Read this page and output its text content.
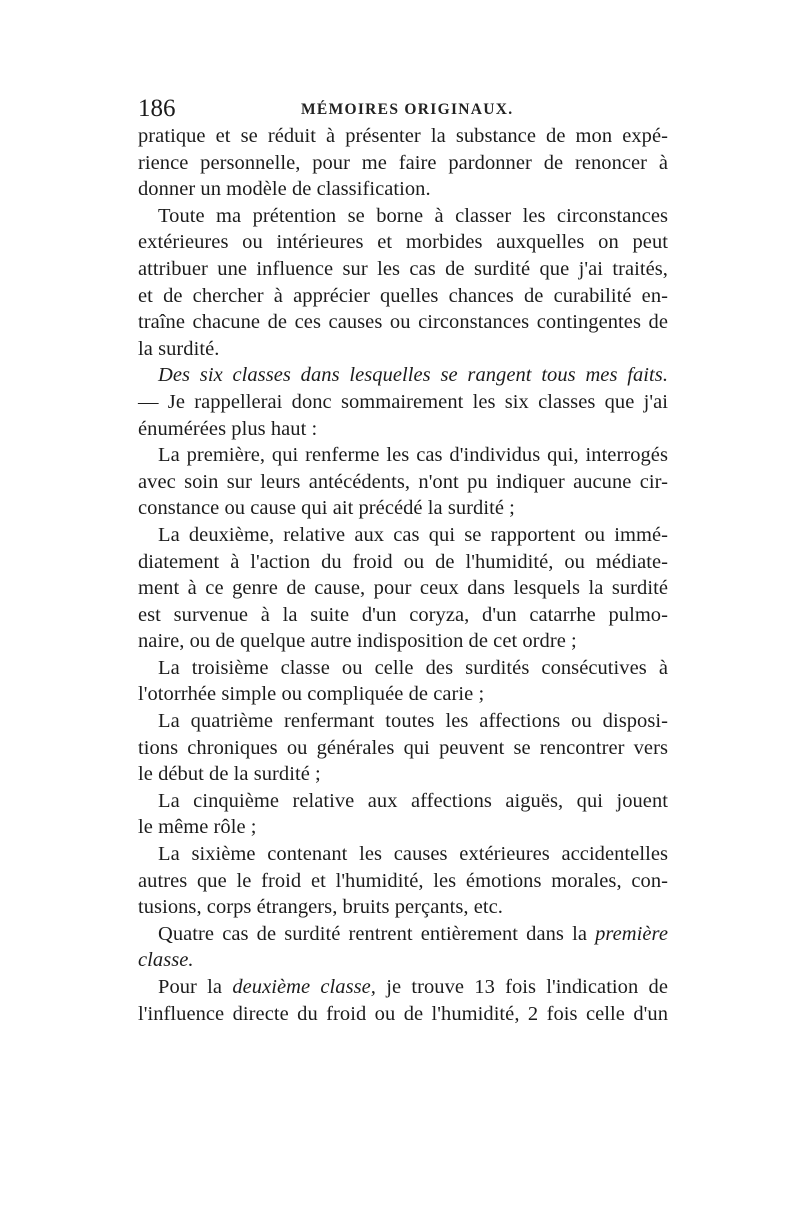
186	MÉMOIRES ORIGINAUX.
pratique et se réduit à présenter la substance de mon expé-
rience personnelle, pour me faire pardonner de renoncer à
donner un modèle de classification.
Toute ma prétention se borne à classer les circonstances
extérieures ou intérieures et morbides auxquelles on peut
attribuer une influence sur les cas de surdité que j'ai traités,
et de chercher à apprécier quelles chances de curabilité en-
traîne chacune de ces causes ou circonstances contingentes de
la surdité.
Des six classes dans lesquelles se rangent tous mes faits.
— Je rappellerai donc sommairement les six classes que j'ai
énumérées plus haut :
La première, qui renferme les cas d'individus qui, interrogés
avec soin sur leurs antécédents, n'ont pu indiquer aucune cir-
constance ou cause qui ait précédé la surdité ;
La deuxième, relative aux cas qui se rapportent ou immé-
diatement à l'action du froid ou de l'humidité, ou médiate-
ment à ce genre de cause, pour ceux dans lesquels la surdité
est survenue à la suite d'un coryza, d'un catarrhe pulmo-
naire, ou de quelque autre indisposition de cet ordre ;
La troisième classe ou celle des surdités consécutives à
l'otorrhée simple ou compliquée de carie ;
La quatrième renfermant toutes les affections ou disposi-
tions chroniques ou générales qui peuvent se rencontrer vers
le début de la surdité ;
La cinquième relative aux affections aiguës, qui jouent
le même rôle ;
La sixième contenant les causes extérieures accidentelles
autres que le froid et l'humidité, les émotions morales, con-
tusions, corps étrangers, bruits perçants, etc.
Quatre cas de surdité rentrent entièrement dans la première
classe.
Pour la deuxième classe, je trouve 13 fois l'indication de
l'influence directe du froid ou de l'humidité, 2 fois celle d'un
